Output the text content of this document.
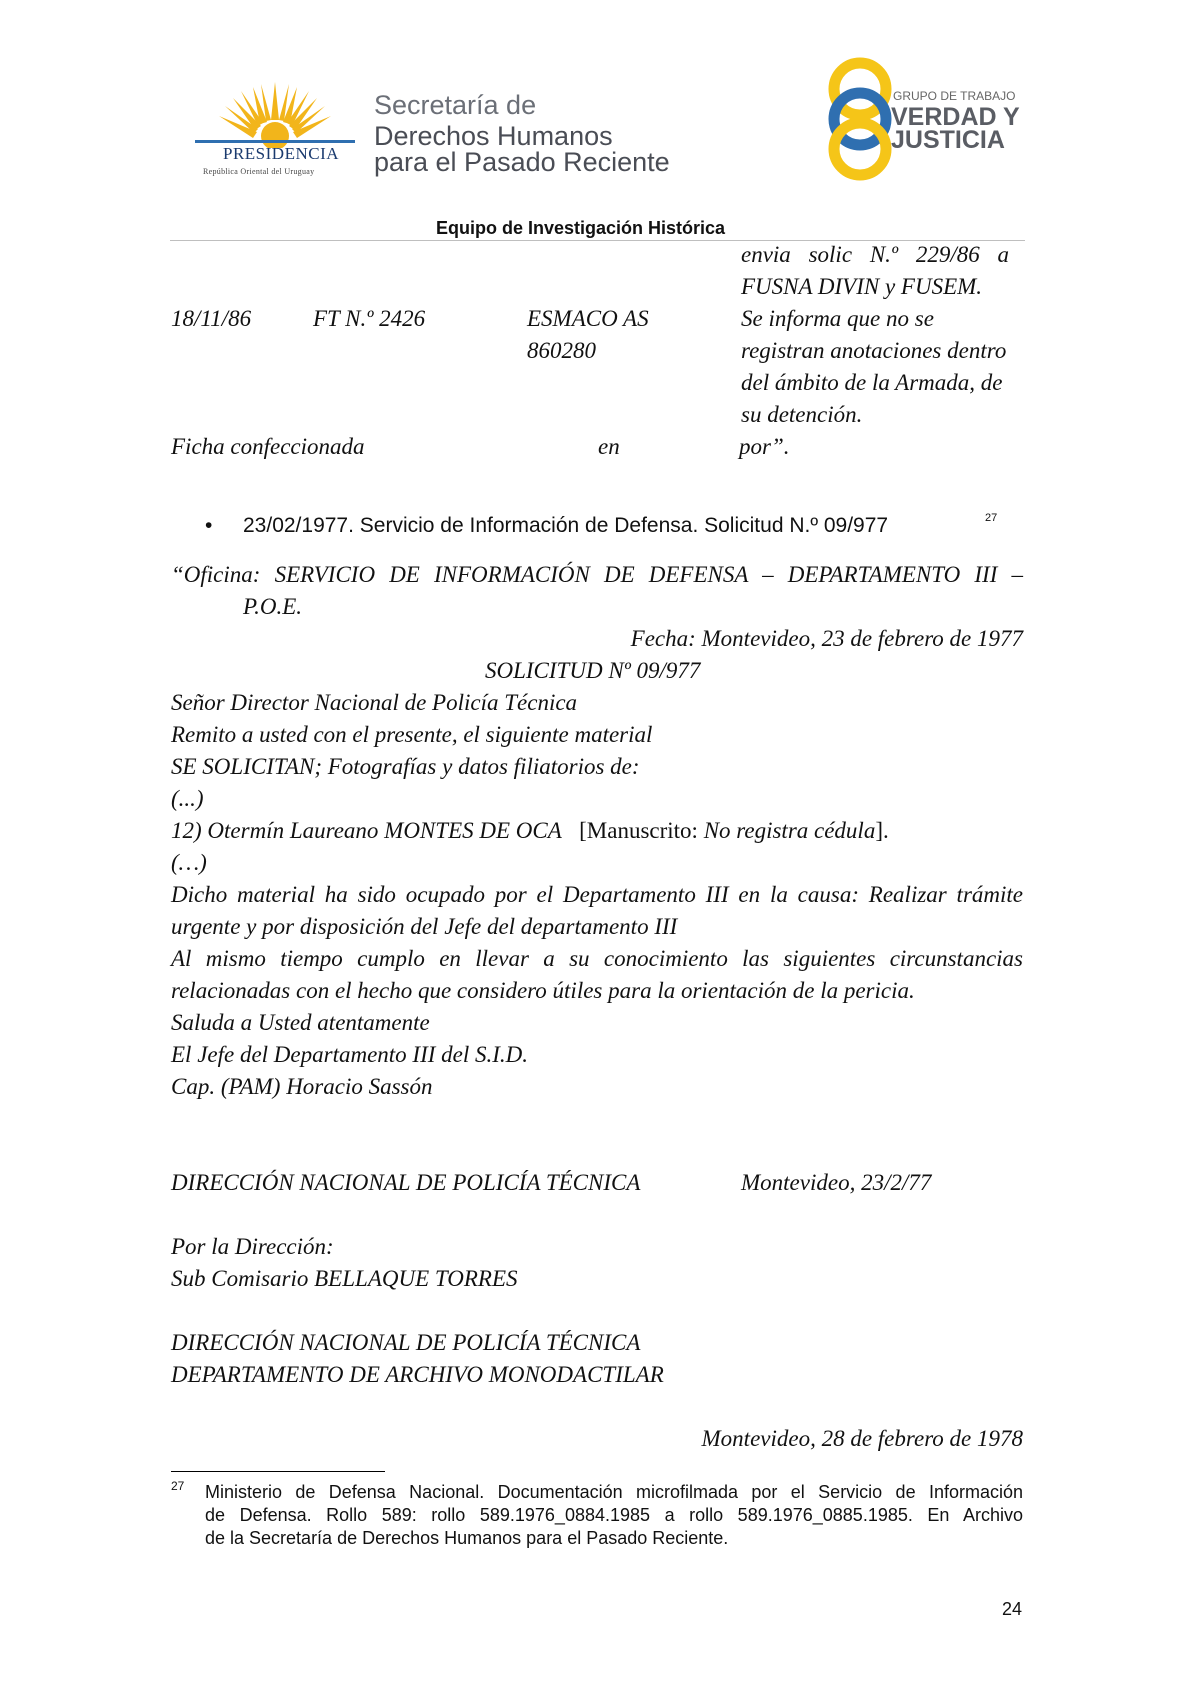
PRESIDENCIA
República Oriental del Uruguay
Secretaría de
Derechos Humanos
para el Pasado Reciente
GRUPO DE TRABAJO
VERDAD Y
JUSTICIA
Equipo de Investigación Histórica
envia solic N.º 229/86 a
FUSNA DIVIN y FUSEM.
18/11/86	FT N.º 2426	ESMACO AS
860280
Se informa que no se
registran anotaciones dentro
del ámbito de la Armada, de
su detención.
Ficha confeccionada	en	por”.
• 23/02/1977. Servicio de Información de Defensa. Solicitud N.º 09/977	27
“Oficina: SERVICIO DE INFORMACIÓN DE DEFENSA – DEPARTAMENTO III –
P.O.E.
Fecha: Montevideo, 23 de febrero de 1977
SOLICITUD Nº 09/977
Señor Director Nacional de Policía Técnica
Remito a usted con el presente, el siguiente material
SE SOLICITAN; Fotografías y datos filiatorios de:
(...)
12) Otermín Laureano MONTES DE OCA [Manuscrito: No registra cédula].
(…)
Dicho material ha sido ocupado por el Departamento III en la causa: Realizar trámite
urgente y por disposición del Jefe del departamento III
Al mismo tiempo cumplo en llevar a su conocimiento las siguientes circunstancias
relacionadas con el hecho que considero útiles para la orientación de la pericia.
Saluda a Usted atentamente
El Jefe del Departamento III del S.I.D.
Cap. (PAM) Horacio Sassón
DIRECCIÓN NACIONAL DE POLICÍA TÉCNICA	Montevideo, 23/2/77
Por la Dirección:
Sub Comisario BELLAQUE TORRES
DIRECCIÓN NACIONAL DE POLICÍA TÉCNICA
DEPARTAMENTO DE ARCHIVO MONODACTILAR
Montevideo, 28 de febrero de 1978
27 Ministerio de Defensa Nacional. Documentación microfilmada por el Servicio de Información
de Defensa. Rollo 589: rollo 589.1976_0884.1985 a rollo 589.1976_0885.1985. En Archivo
de la Secretaría de Derechos Humanos para el Pasado Reciente.
24
